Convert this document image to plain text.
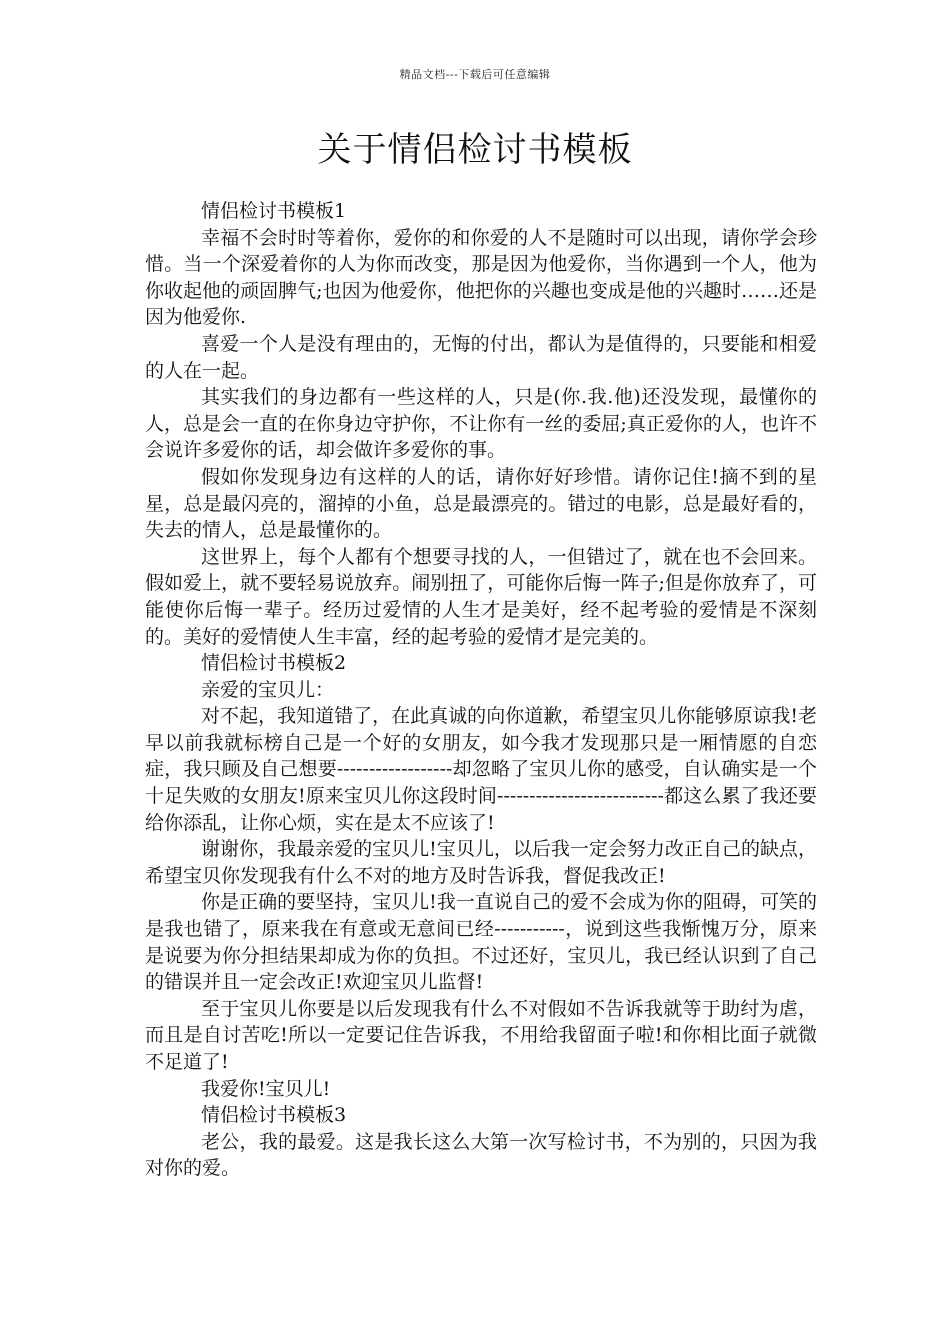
精品文档---下载后可任意编辑
关于情侣检讨书模板

情侣检讨书模板1

幸福不会时时等着你，爱你的和你爱的人不是随时可以出现，请你学会珍惜。当一个深爱着你的人为你而改变，那是因为他爱你，当你遇到一个人，他为你收起他的顽固脾气;也因为他爱你，他把你的兴趣也变成是他的兴趣时……还是因为他爱你.

喜爱一个人是没有理由的，无悔的付出，都认为是值得的，只要能和相爱的人在一起。

其实我们的身边都有一些这样的人，只是(你.我.他)还没发现，最懂你的人，总是会一直的在你身边守护你，不让你有一丝的委屈;真正爱你的人，也许不会说许多爱你的话，却会做许多爱你的事。

假如你发现身边有这样的人的话，请你好好珍惜。请你记住!摘不到的星星，总是最闪亮的，溜掉的小鱼，总是最漂亮的。错过的电影，总是最好看的，失去的情人，总是最懂你的。

这世界上，每个人都有个想要寻找的人，一但错过了，就在也不会回来。假如爱上，就不要轻易说放弃。闹别扭了，可能你后悔一阵子;但是你放弃了，可能使你后悔一辈子。经历过爱情的人生才是美好，经不起考验的爱情是不深刻的。美好的爱情使人生丰富，经的起考验的爱情才是完美的。

情侣检讨书模板2

亲爱的宝贝儿：

对不起，我知道错了，在此真诚的向你道歉，希望宝贝儿你能够原谅我!老早以前我就标榜自己是一个好的女朋友，如今我才发现那只是一厢情愿的自恋症，我只顾及自己想要------------------却忽略了宝贝儿你的感受，自认确实是一个十足失败的女朋友!原来宝贝儿你这段时间--------------------------都这么累了我还要给你添乱，让你心烦，实在是太不应该了!

谢谢你，我最亲爱的宝贝儿!宝贝儿，以后我一定会努力改正自己的缺点，希望宝贝你发现我有什么不对的地方及时告诉我，督促我改正!

你是正确的要坚持，宝贝儿!我一直说自己的爱不会成为你的阻碍，可笑的是我也错了，原来我在有意或无意间已经-----------，说到这些我惭愧万分，原来是说要为你分担结果却成为你的负担。不过还好，宝贝儿，我已经认识到了自己的错误并且一定会改正!欢迎宝贝儿监督!

至于宝贝儿你要是以后发现我有什么不对假如不告诉我就等于助纣为虐，而且是自讨苦吃!所以一定要记住告诉我，不用给我留面子啦!和你相比面子就微不足道了!

我爱你!宝贝儿!

情侣检讨书模板3

老公，我的最爱。这是我长这么大第一次写检讨书，不为别的，只因为我对你的爱。
